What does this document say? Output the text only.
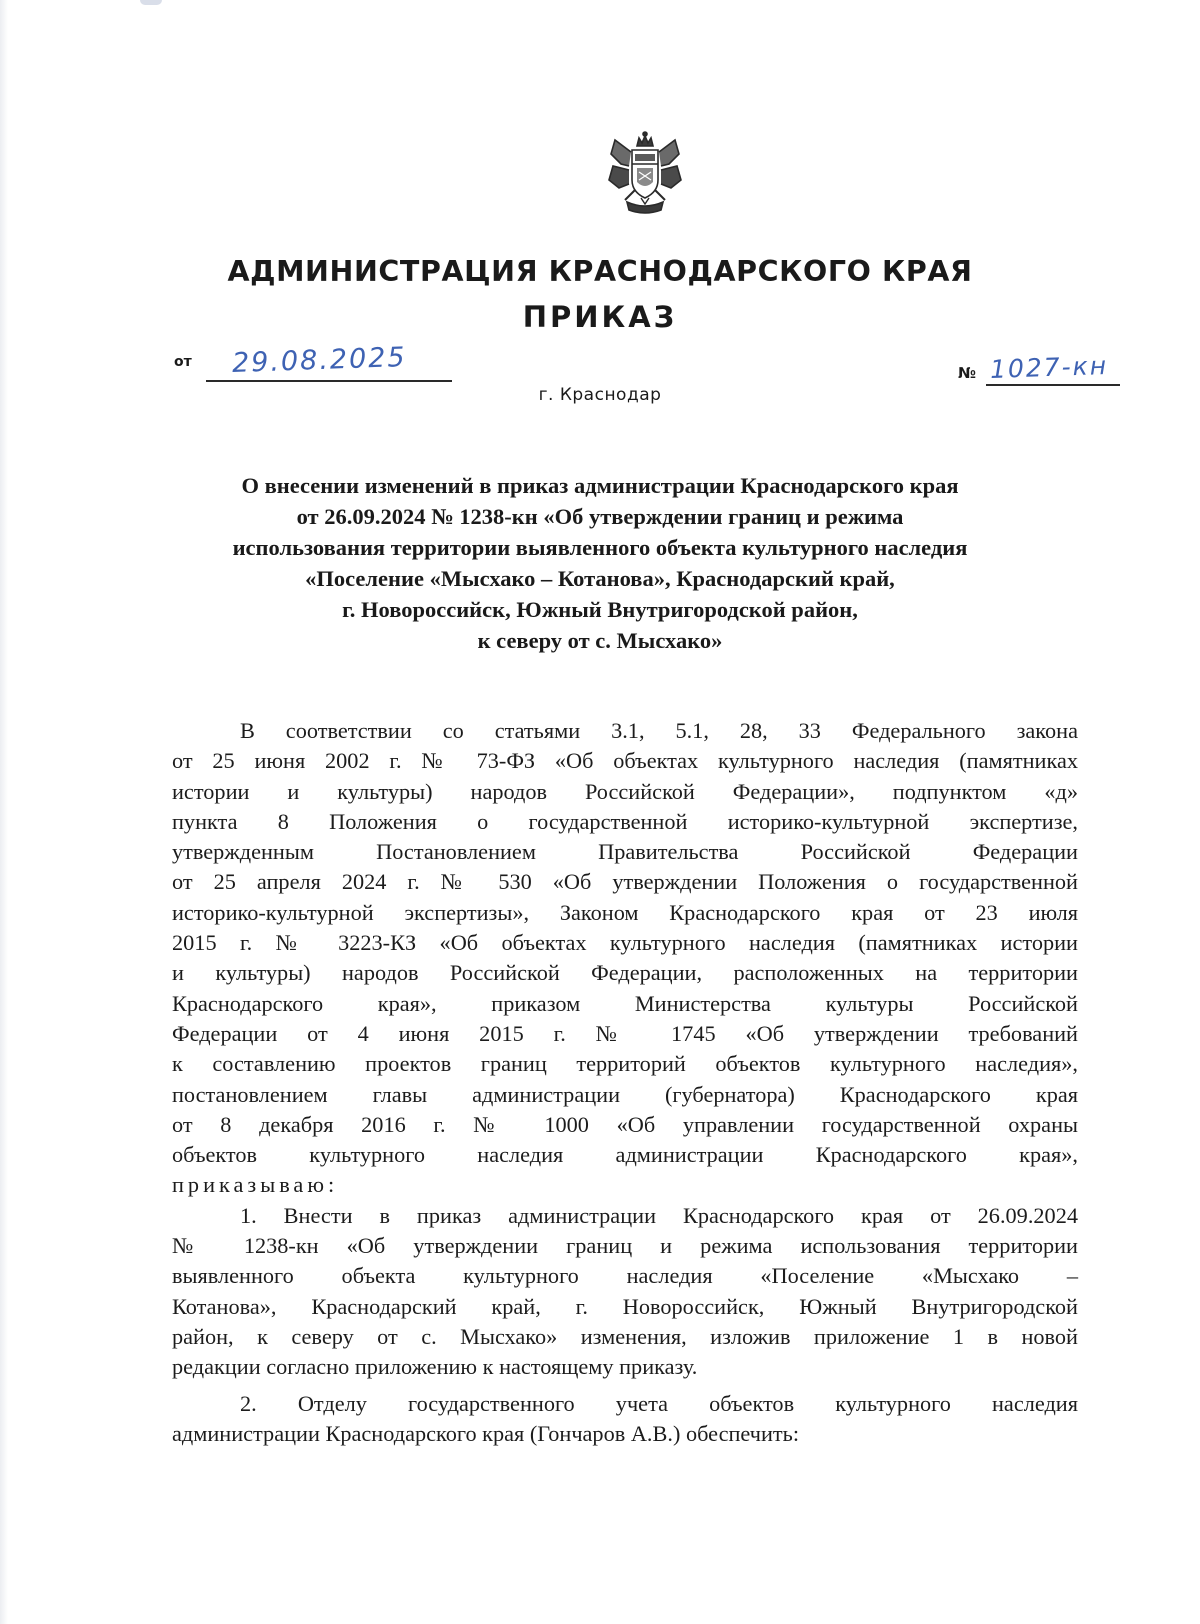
АДМИНИСТРАЦИЯ КРАСНОДАРСКОГО КРАЯ
ПРИКАЗ
от 29.08.2025	№ 1027-кн
г. Краснодар
О внесении изменений в приказ администрации Краснодарского края
от 26.09.2024 № 1238-кн «Об утверждении границ и режима
использования территории выявленного объекта культурного наследия
«Поселение «Мысхако – Котанова», Краснодарский край,
г. Новороссийск, Южный Внутригородской район,
к северу от с. Мысхако»
В соответствии со статьями 3.1, 5.1, 28, 33 Федерального закона
от 25 июня 2002 г. № 73-ФЗ «Об объектах культурного наследия (памятниках
истории и культуры) народов Российской Федерации», подпунктом «д»
пункта 8 Положения о государственной историко-культурной экспертизе,
утвержденным Постановлением Правительства Российской Федерации
от 25 апреля 2024 г. № 530 «Об утверждении Положения о государственной
историко-культурной экспертизы», Законом Краснодарского края от 23 июля
2015 г. № 3223-КЗ «Об объектах культурного наследия (памятниках истории
и культуры) народов Российской Федерации, расположенных на территории
Краснодарского края», приказом Министерства культуры Российской
Федерации от 4 июня 2015 г. № 1745 «Об утверждении требований
к составлению проектов границ территорий объектов культурного наследия»,
постановлением главы администрации (губернатора) Краснодарского края
от 8 декабря 2016 г. № 1000 «Об управлении государственной охраны
объектов культурного наследия администрации Краснодарского края»,
приказываю:
1. Внести в приказ администрации Краснодарского края от 26.09.2024
№ 1238-кн «Об утверждении границ и режима использования территории
выявленного объекта культурного наследия «Поселение «Мысхако –
Котанова», Краснодарский край, г. Новороссийск, Южный Внутригородской
район, к северу от с. Мысхако» изменения, изложив приложение 1 в новой
редакции согласно приложению к настоящему приказу.
2. Отделу государственного учета объектов культурного наследия
администрации Краснодарского края (Гончаров А.В.) обеспечить:
